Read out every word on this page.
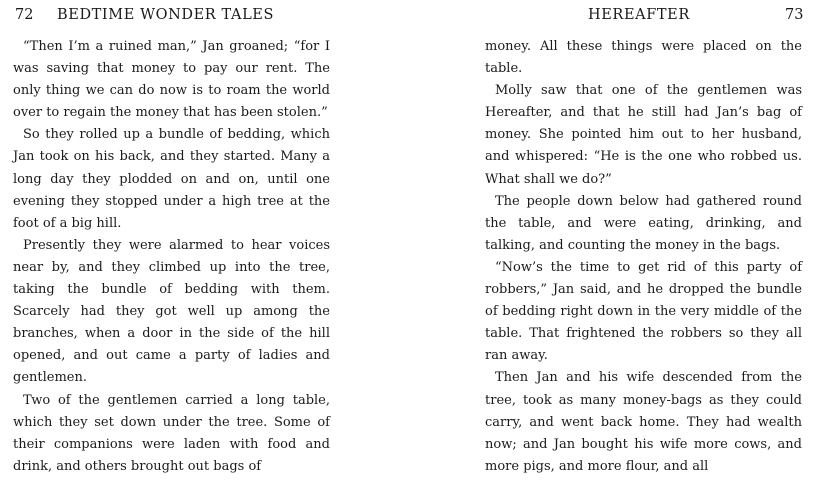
72 BEDTIME WONDER TALES

“Then I’m a ruined man,” Jan groaned; “for I was saving that money to pay our rent. The only thing we can do now is to roam the world over to regain the money that has been stolen.”

So they rolled up a bundle of bedding, which Jan took on his back, and they started. Many a long day they plodded on and on, until one evening they stopped under a high tree at the foot of a big hill.

Presently they were alarmed to hear voices near by, and they climbed up into the tree, taking the bundle of bedding with them. Scarcely had they got well up among the branches, when a door in the side of the hill opened, and out came a party of ladies and gentlemen.

Two of the gentlemen carried a long table, which they set down under the tree. Some of their companions were laden with food and drink, and others brought out bags of

HEREAFTER	73

money. All these things were placed on the table.

Molly saw that one of the gentlemen was Hereafter, and that he still had Jan’s bag of money. She pointed him out to her husband, and whispered: “He is the one who robbed us. What shall we do?”

The people down below had gathered round the table, and were eating, drinking, and talking, and counting the money in the bags.

“Now’s the time to get rid of this party of robbers,” Jan said, and he dropped the bundle of bedding right down in the very middle of the table. That frightened the robbers so they all ran away.

Then Jan and his wife descended from the tree, took as many money-bags as they could carry, and went back home. They had wealth now; and Jan bought his wife more cows, and more pigs, and more flour, and all
